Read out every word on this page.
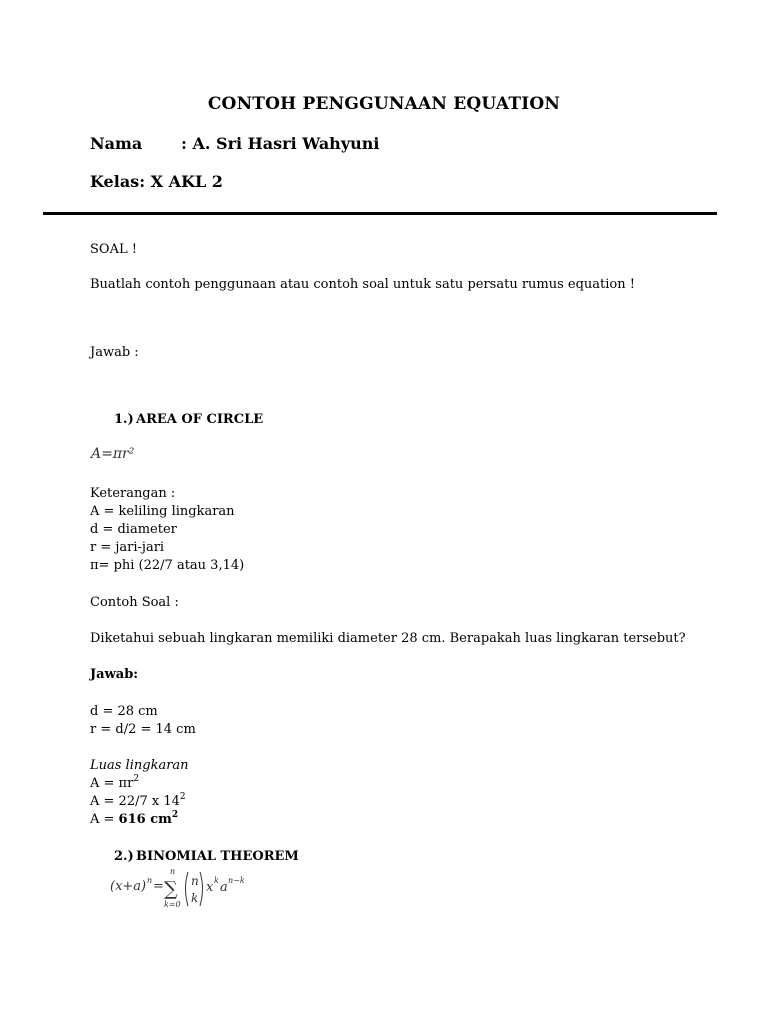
CONTOH PENGGUNAAN EQUATION
Nama : A. Sri Hasri Wahyuni
Kelas: X AKL 2
SOAL !
Buatlah contoh penggunaan atau contoh soal untuk satu persatu rumus equation !
Jawab :
1.) AREA OF CIRCLE
A=πr²
Keterangan :
A = keliling lingkaran
d = diameter
r = jari-jari
π= phi (22/7 atau 3,14)
Contoh Soal :
Diketahui sebuah lingkaran memiliki diameter 28 cm. Berapakah luas lingkaran tersebut?
Jawab:
d = 28 cm
r = d/2 = 14 cm
Luas lingkaran
$A = \pi r^2$
A = 22/7 x $14^2$
A = 616 $cm^2$
2.) BINOMIAL THEOREM
(x+a) n =
n
∑
k=0
n
k
x k a n−k
